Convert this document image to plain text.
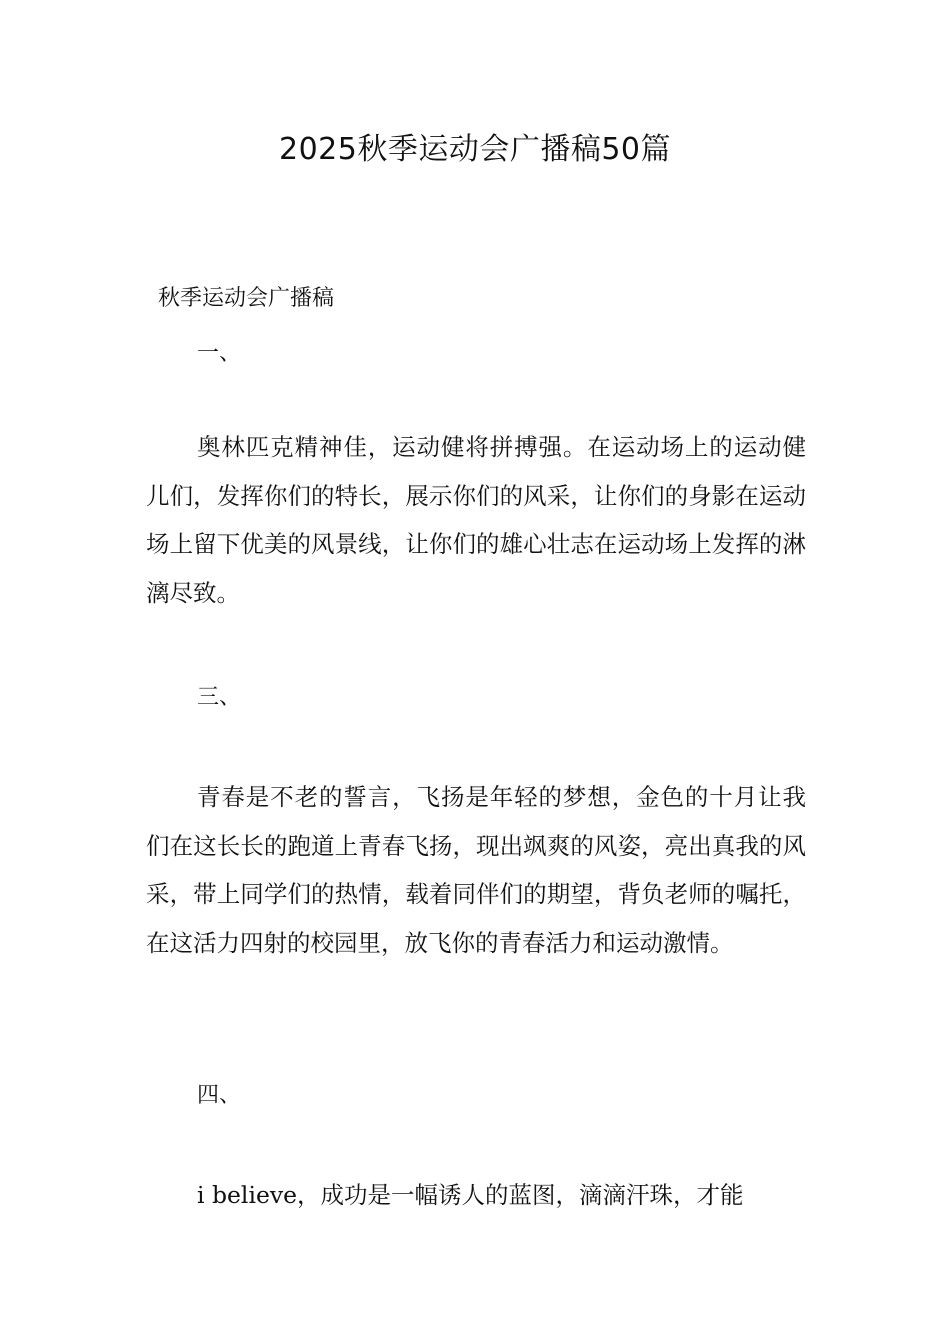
2025秋季运动会广播稿50篇
秋季运动会广播稿
一、
奥林匹克精神佳，运动健将拼搏强。在运动场上的运动健儿们，发挥你们的特长，展示你们的风采，让你们的身影在运动场上留下优美的风景线，让你们的雄心壮志在运动场上发挥的淋漓尽致。
三、
青春是不老的誓言，飞扬是年轻的梦想，金色的十月让我们在这长长的跑道上青春飞扬，现出飒爽的风姿，亮出真我的风采，带上同学们的热情，载着同伴们的期望，背负老师的嘱托，在这活力四射的校园里，放飞你的青春活力和运动激情。
四、
i believe，成功是一幅诱人的蓝图，滴滴汗珠，才能
